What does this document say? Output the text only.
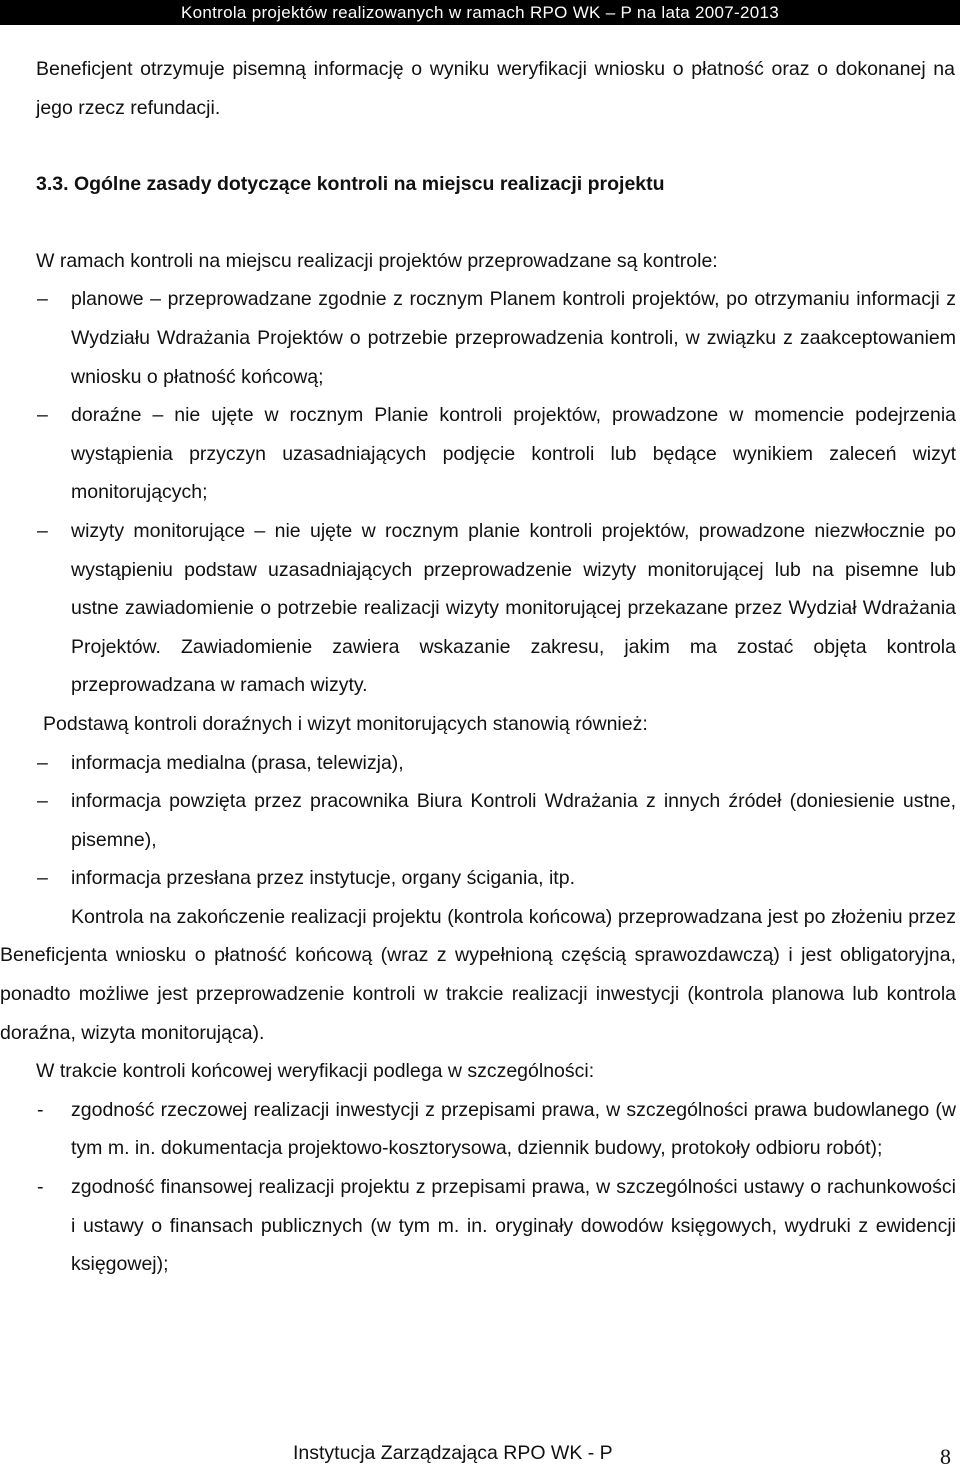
Kontrola projektów realizowanych w ramach RPO WK – P na lata 2007-2013

Beneficjent otrzymuje pisemną informację o wyniku weryfikacji wniosku o płatność oraz o dokonanej na jego rzecz refundacji.

3.3. Ogólne zasady dotyczące kontroli na miejscu realizacji projektu

W ramach kontroli na miejscu realizacji projektów przeprowadzane są kontrole:

–	planowe – przeprowadzane zgodnie z rocznym Planem kontroli projektów, po otrzymaniu informacji z Wydziału Wdrażania Projektów o potrzebie przeprowadzenia kontroli, w związku z zaakceptowaniem wniosku o płatność końcową;
–	doraźne – nie ujęte w rocznym Planie kontroli projektów, prowadzone w momencie podejrzenia wystąpienia przyczyn uzasadniających podjęcie kontroli lub będące wynikiem zaleceń wizyt monitorujących;
–	wizyty monitorujące – nie ujęte w rocznym planie kontroli projektów, prowadzone niezwłocznie po wystąpieniu podstaw uzasadniających przeprowadzenie wizyty monitorującej lub na pisemne lub ustne zawiadomienie o potrzebie realizacji wizyty monitorującej przekazane przez Wydział Wdrażania Projektów. Zawiadomienie zawiera wskazanie zakresu, jakim ma zostać objęta kontrola przeprowadzana w ramach wizyty.

Podstawą kontroli doraźnych i wizyt monitorujących stanowią również:

–	informacja medialna (prasa, telewizja),
–	informacja powzięta przez pracownika Biura Kontroli Wdrażania z innych źródeł (doniesienie ustne, pisemne),
–	informacja przesłana przez instytucje, organy ścigania, itp.

Kontrola na zakończenie realizacji projektu (kontrola końcowa) przeprowadzana jest po złożeniu przez Beneficjenta wniosku o płatność końcową (wraz z wypełnioną częścią sprawozdawczą) i jest obligatoryjna, ponadto możliwe jest przeprowadzenie kontroli w trakcie realizacji inwestycji (kontrola planowa lub kontrola doraźna, wizyta monitorująca).

W trakcie kontroli końcowej weryfikacji podlega w szczególności:

-	zgodność rzeczowej realizacji inwestycji z przepisami prawa, w szczególności prawa budowlanego (w tym m. in. dokumentacja projektowo-kosztorysowa, dziennik budowy, protokoły odbioru robót);
-	zgodność finansowej realizacji projektu z przepisami prawa, w szczególności ustawy o rachunkowości i ustawy o finansach publicznych (w tym m. in. oryginały dowodów księgowych, wydruki z ewidencji księgowej);
Instytucja Zarządzająca RPO WK - P	8
